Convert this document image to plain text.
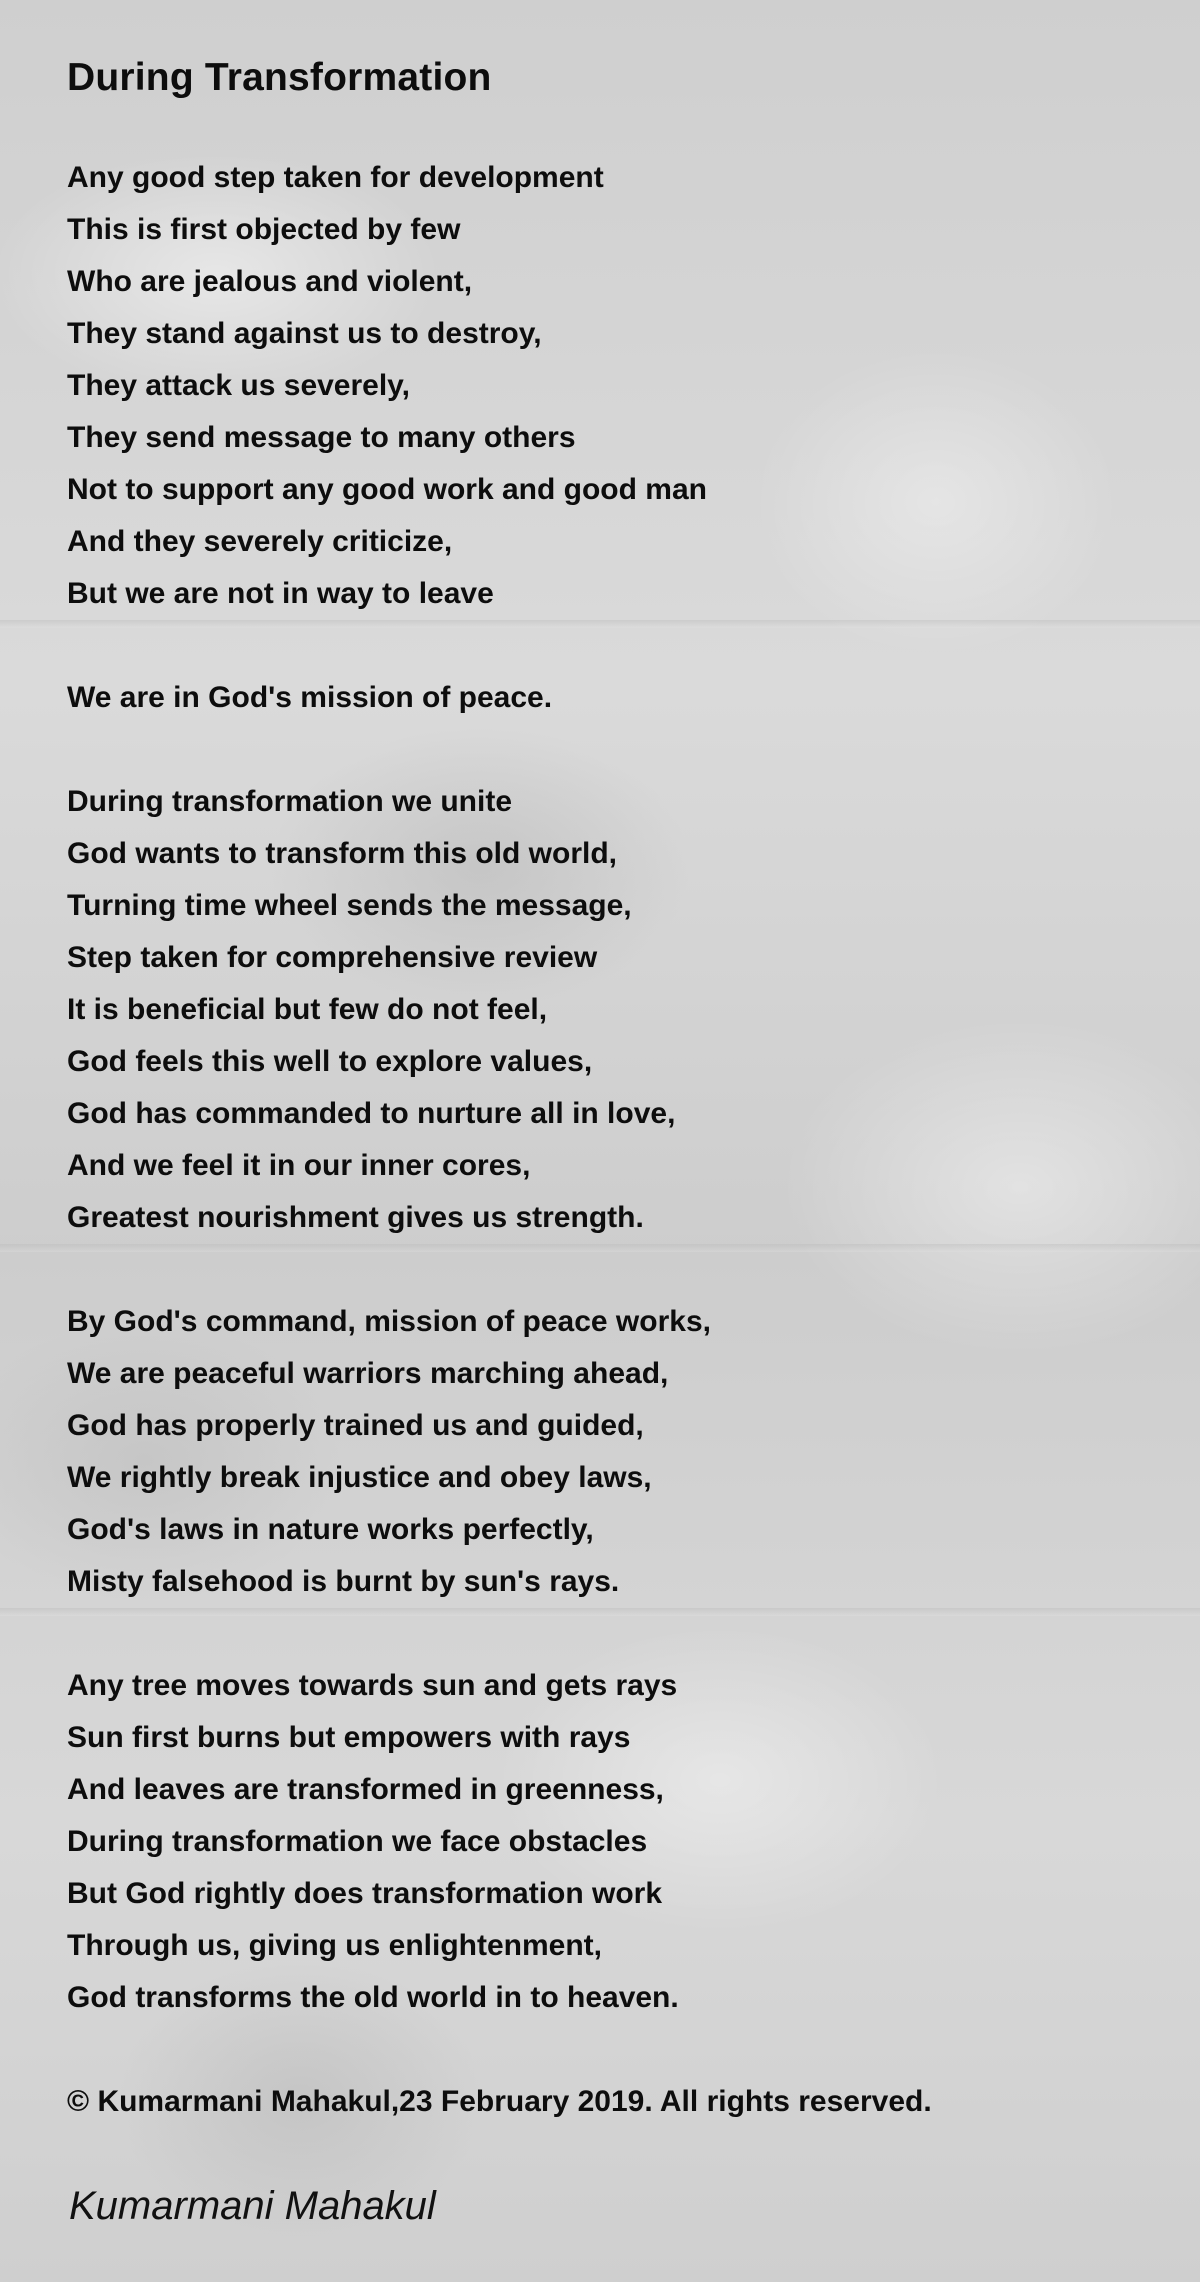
During Transformation

Any good step taken for development
This is first objected by few
Who are jealous and violent,
They stand against us to destroy,
They attack us severely,
They send message to many others
Not to support any good work and good man
And they severely criticize,
But we are not in way to leave

We are in God's mission of peace.

During transformation we unite
God wants to transform this old world,
Turning time wheel sends the message,
Step taken for comprehensive review
It is beneficial but few do not feel,
God feels this well to explore values,
God has commanded to nurture all in love,
And we feel it in our inner cores,
Greatest nourishment gives us strength.

By God's command, mission of peace works,
We are peaceful warriors marching ahead,
God has properly trained us and guided,
We rightly break injustice and obey laws,
God's laws in nature works perfectly,
Misty falsehood is burnt by sun's rays.

Any tree moves towards sun and gets rays
Sun first burns but empowers with rays
And leaves are transformed in greenness,
During transformation we face obstacles
But God rightly does transformation work
Through us, giving us enlightenment,
God transforms the old world in to heaven.

© Kumarmani Mahakul,23 February 2019. All rights reserved.
Kumarmani Mahakul
